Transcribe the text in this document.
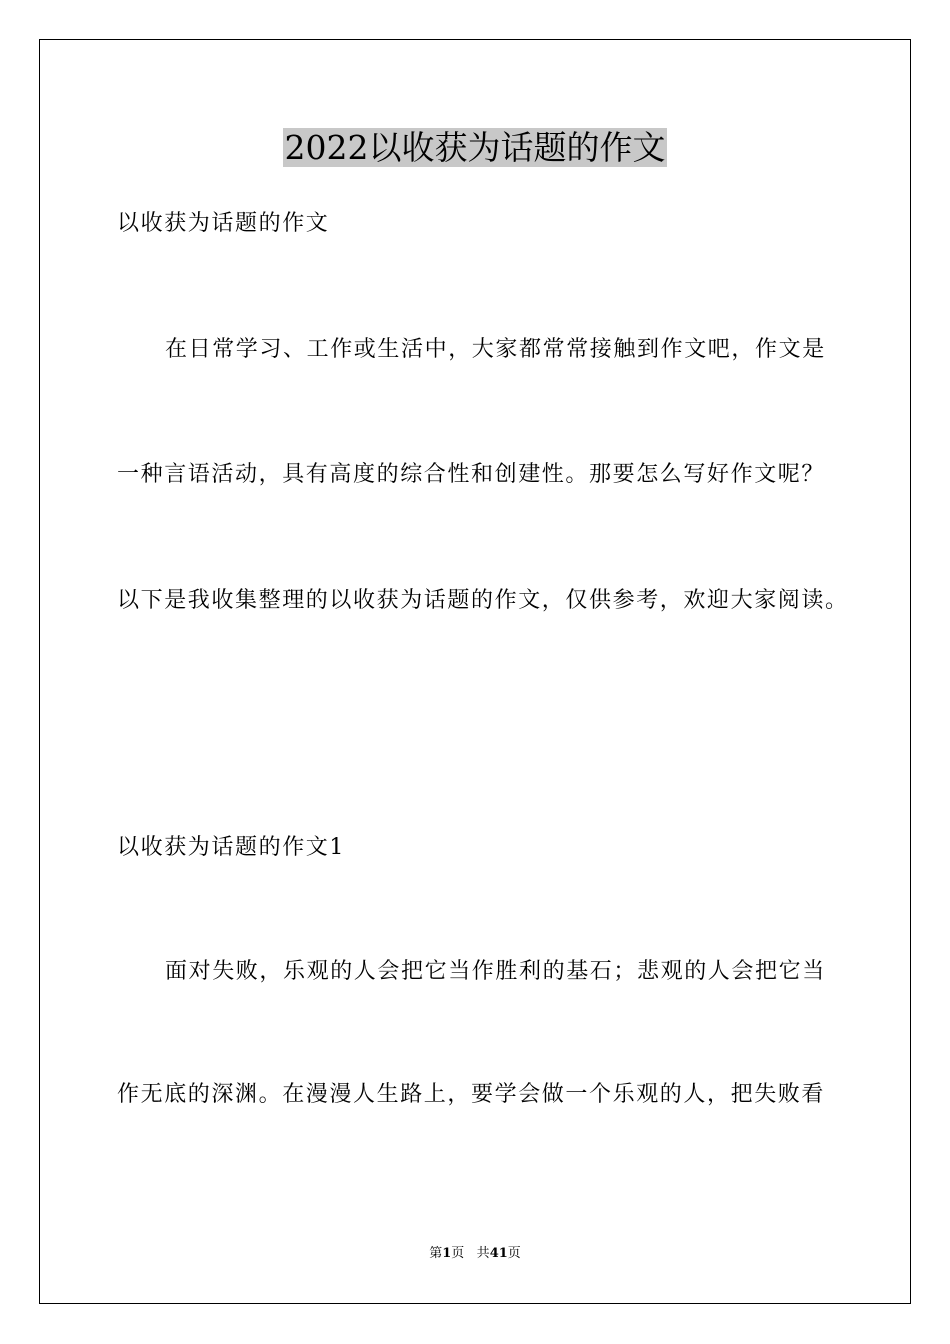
2022以收获为话题的作文
以收获为话题的作文
在日常学习、工作或生活中，大家都常常接触到作文吧，作文是
一种言语活动，具有高度的综合性和创建性。那要怎么写好作文呢？
以下是我收集整理的以收获为话题的作文，仅供参考，欢迎大家阅读。
以收获为话题的作文1
面对失败，乐观的人会把它当作胜利的基石；悲观的人会把它当
作无底的深渊。在漫漫人生路上，要学会做一个乐观的人，把失败看
第1页 共41页
